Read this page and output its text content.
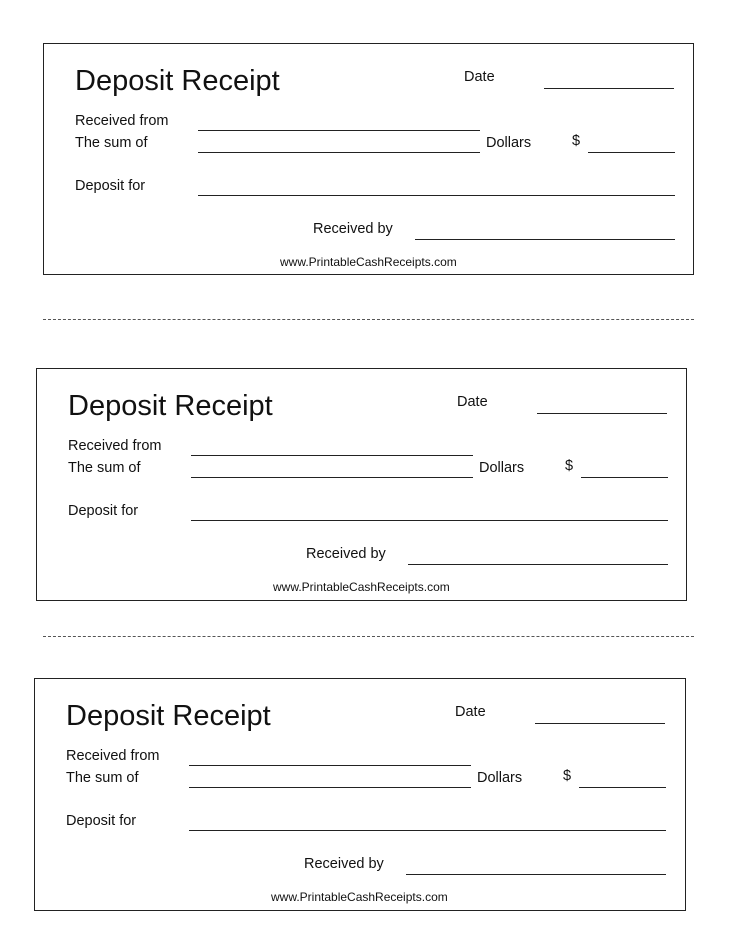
Deposit Receipt	Date
Received from
The sum of	Dollars	$
Deposit for
Received by
www.PrintableCashReceipts.com
Deposit Receipt	Date
Received from
The sum of	Dollars	$
Deposit for
Received by
www.PrintableCashReceipts.com
Deposit Receipt	Date
Received from
The sum of	Dollars	$
Deposit for
Received by
www.PrintableCashReceipts.com
